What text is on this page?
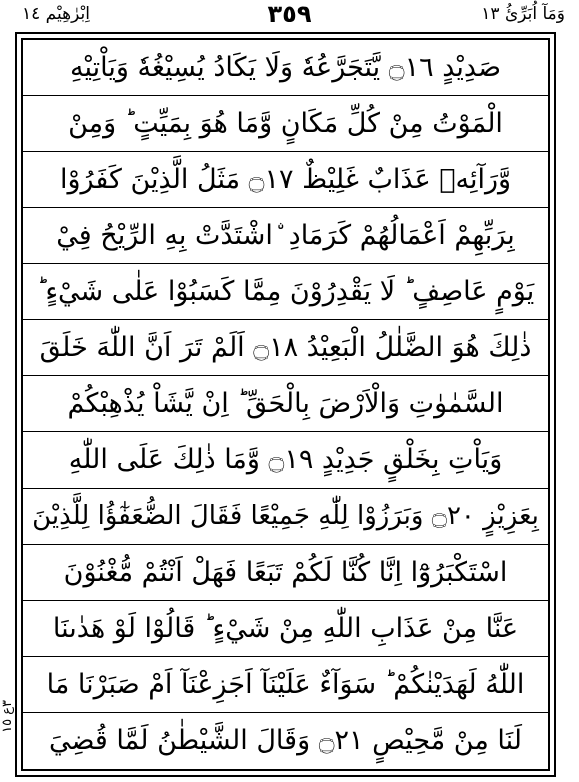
اِبْرٰهِيْم ١٤	٣٥٩	وَمَآ اُبَرِّئُ ١٣
صَدِيْدٍ ۝١٦ يَّتَجَرَّعُهٗ وَلَا يَكَادُ يُسِيْغُهٗ وَيَاْتِيْهِ
الْمَوْتُ مِنْ كُلِّ مَكَانٍ وَّمَا هُوَ بِمَيِّتٍ ؕ وَمِنْ
وَّرَآئِهٖ عَذَابٌ غَلِيْظٌ ۝١٧ مَثَلُ الَّذِيْنَ كَفَرُوْا
بِرَبِّهِمْ اَعْمَالُهُمْ كَرَمَادِ ۨاشْتَدَّتْ بِهِ الرِّيْحُ فِيْ
يَوْمٍ عَاصِفٍ ؕ لَا يَقْدِرُوْنَ مِمَّا كَسَبُوْا عَلٰى شَيْءٍ ؕ
ذٰلِكَ هُوَ الضَّلٰلُ الْبَعِيْدُ ۝١٨ اَلَمْ تَرَ اَنَّ اللّٰهَ خَلَقَ
السَّمٰوٰتِ وَالْاَرْضَ بِالْحَقِّ ؕ اِنْ يَّشَاْ يُذْهِبْكُمْ
وَيَاْتِ بِخَلْقٍ جَدِيْدٍ ۝١٩ وَّمَا ذٰلِكَ عَلَى اللّٰهِ
بِعَزِيْزٍ ۝٢٠ وَبَرَزُوْا لِلّٰهِ جَمِيْعًا فَقَالَ الضُّعَفٰٓؤُا لِلَّذِيْنَ
اسْتَكْبَرُوْٓا اِنَّا كُنَّا لَكُمْ تَبَعًا فَهَلْ اَنْتُمْ مُّغْنُوْنَ
عَنَّا مِنْ عَذَابِ اللّٰهِ مِنْ شَيْءٍ ؕ قَالُوْا لَوْ هَدٰىنَا
اللّٰهُ لَهَدَيْنٰكُمْ ؕ سَوَآءٌ عَلَيْنَآ اَجَزِعْنَآ اَمْ صَبَرْنَا مَا
لَنَا مِنْ مَّحِيْصٍ ۝٢١ وَقَالَ الشَّيْطٰنُ لَمَّا قُضِيَ
٣ع ١٥
